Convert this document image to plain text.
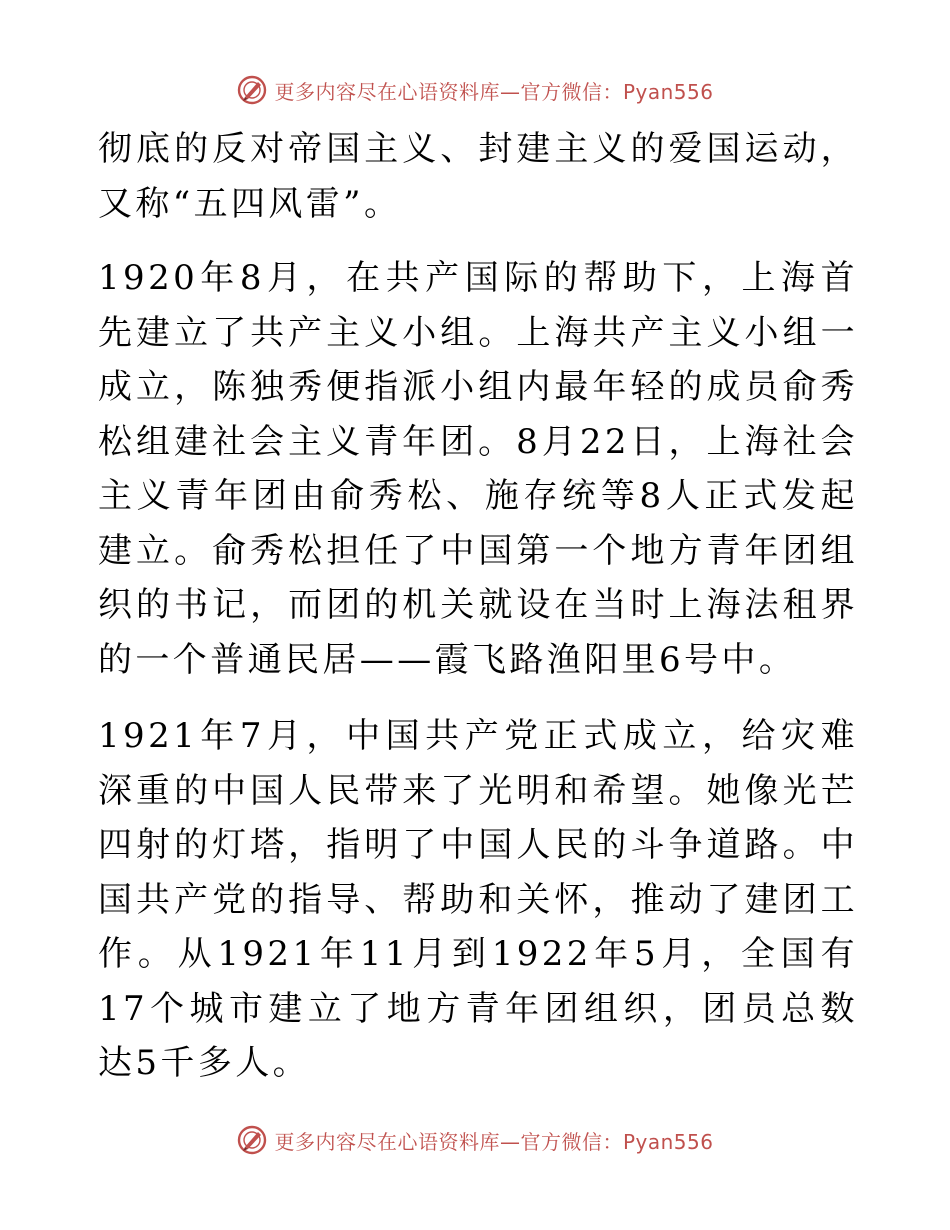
更多内容尽在心语资料库—官方微信：Pyan556

彻底的反对帝国主义、封建主义的爱国运动，又称“五四风雷”。

1920年8月，在共产国际的帮助下，上海首先建立了共产主义小组。上海共产主义小组一成立，陈独秀便指派小组内最年轻的成员俞秀松组建社会主义青年团。8月22日，上海社会主义青年团由俞秀松、施存统等8人正式发起建立。俞秀松担任了中国第一个地方青年团组织的书记，而团的机关就设在当时上海法租界的一个普通民居——霞飞路渔阳里6号中。

1921年7月，中国共产党正式成立，给灾难深重的中国人民带来了光明和希望。她像光芒四射的灯塔，指明了中国人民的斗争道路。中国共产党的指导、帮助和关怀，推动了建团工作。从1921年11月到1922年5月，全国有17个城市建立了地方青年团组织，团员总数达5千多人。

更多内容尽在心语资料库—官方微信：Pyan556
